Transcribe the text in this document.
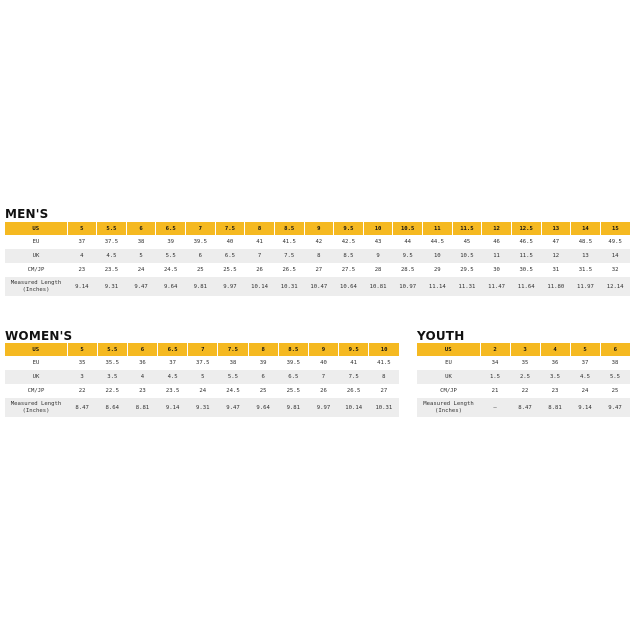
MEN'S
US	5	5.5	6	6.5	7	7.5	8	8.5	9	9.5	10	10.5	11	11.5	12	12.5	13	14	15
EU	37	37.5	38	39	39.5	40	41	41.5	42	42.5	43	44	44.5	45	46	46.5	47	48.5	49.5
UK	4	4.5	5	5.5	6	6.5	7	7.5	8	8.5	9	9.5	10	10.5	11	11.5	12	13	14
CM/JP	23	23.5	24	24.5	25	25.5	26	26.5	27	27.5	28	28.5	29	29.5	30	30.5	31	31.5	32
Measured Length (Inches)	9.14	9.31	9.47	9.64	9.81	9.97	10.14	10.31	10.47	10.64	10.81	10.97	11.14	11.31	11.47	11.64	11.80	11.97	12.14
WOMEN'S
US	5	5.5	6	6.5	7	7.5	8	8.5	9	9.5	10
EU	35	35.5	36	37	37.5	38	39	39.5	40	41	41.5
UK	3	3.5	4	4.5	5	5.5	6	6.5	7	7.5	8
CM/JP	22	22.5	23	23.5	24	24.5	25	25.5	26	26.5	27
Measured Length (Inches)	8.47	8.64	8.81	9.14	9.31	9.47	9.64	9.81	9.97	10.14	10.31
YOUTH
US	2	3	4	5	6
EU	34	35	36	37	38
UK	1.5	2.5	3.5	4.5	5.5
CM/JP	21	22	23	24	25
Measured Length (Inches)	—	8.47	8.81	9.14	9.47
